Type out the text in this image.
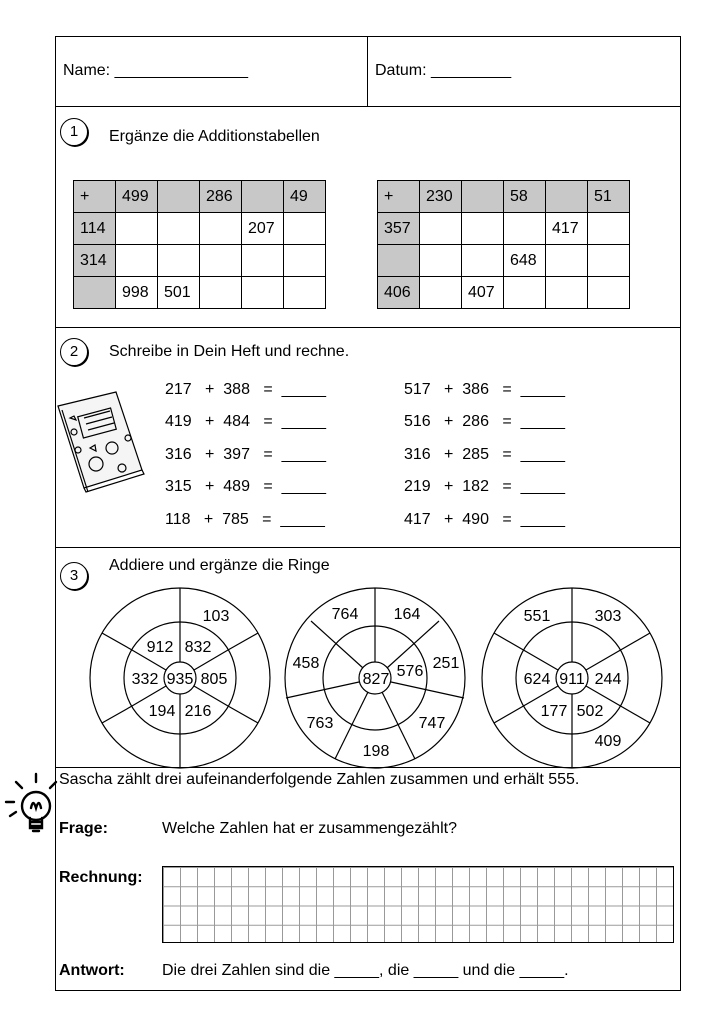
Name: _______________	Datum: _________
1	Ergänze die Additionstabellen
+	499		286		49
114				207	
314					
	998	501			
+	230		58		51
357				417	
			648		
406		407			
2	Schreibe in Dein Heft und rechne.
217 + 388 = _____
419 + 484 = _____
316 + 397 = _____
315 + 489 = _____
118 + 785 = _____
517 + 386 = _____
516 + 286 = _____
316 + 285 = _____
219 + 182 = _____
417 + 490 = _____
3
Addiere und ergänze die Ringe
935
912 832
805
216
194
332
103
827 576
164
251
747
198
763
458
764
911 244
502
177
624
303
409
551
Sascha zählt drei aufeinanderfolgende Zahlen zusammen und erhält 555.
Frage:	Welche Zahlen hat er zusammengezählt?
Rechnung:
Antwort: Die drei Zahlen sind die _____, die _____ und die _____.
